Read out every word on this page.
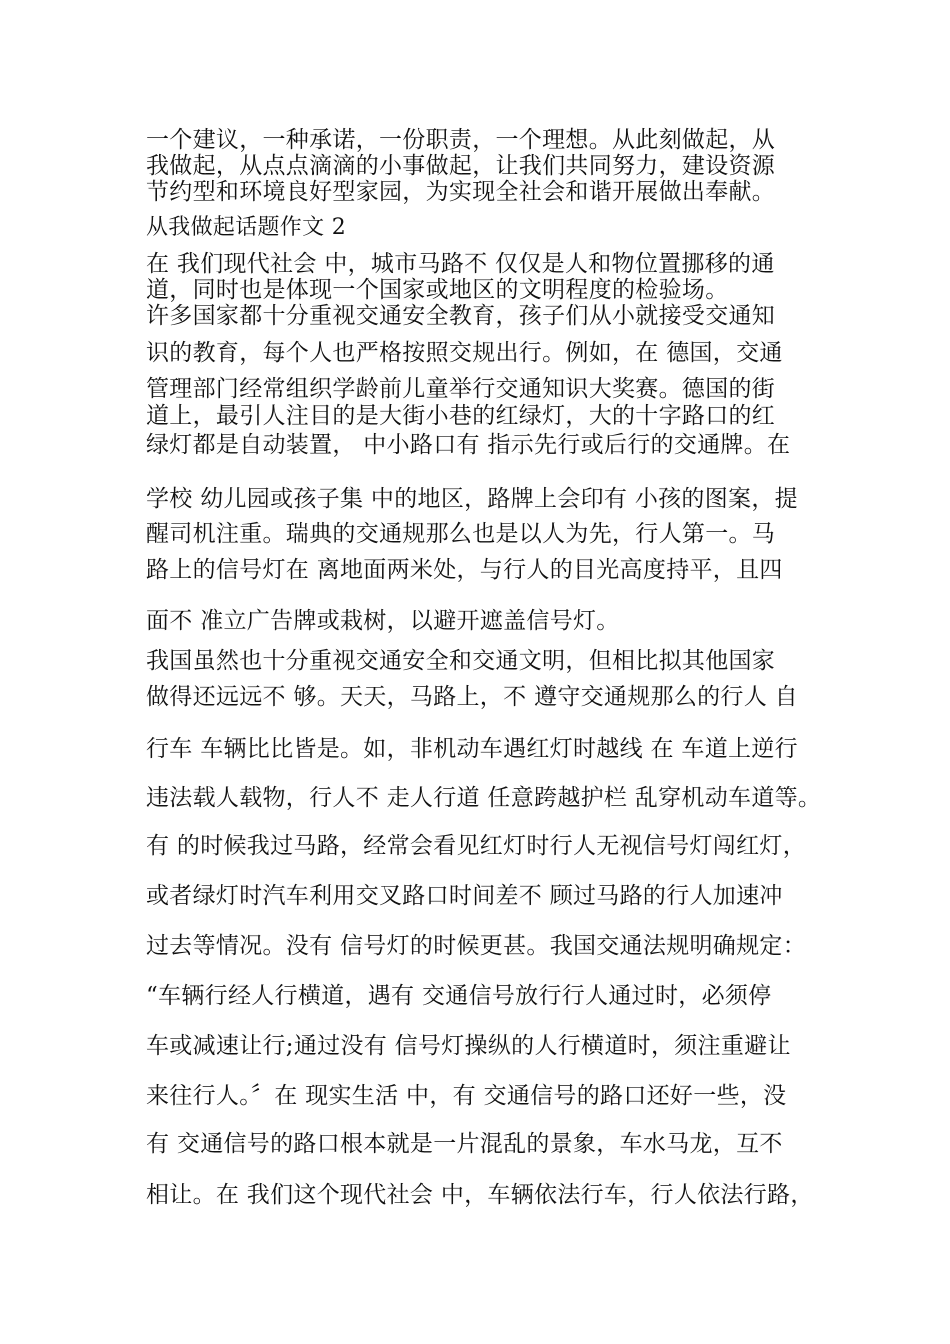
一个建议，一种承诺，一份职责，一个理想。从此刻做起，从
我做起，从点点滴滴的小事做起，让我们共同努力，建设资源
节约型和环境良好型家园，为实现全社会和谐开展做出奉献。
从我做起话题作文 2
在 我们现代社会 中，城市马路不 仅仅是人和物位置挪移的通
道，同时也是体现一个国家或地区的文明程度的检验场。
许多国家都十分重视交通安全教育，孩子们从小就接受交通知
识的教育，每个人也严格按照交规出行。例如，在 德国，交通
管理部门经常组织学龄前儿童举行交通知识大奖赛。德国的街
道上，最引人注目的是大街小巷的红绿灯，大的十字路口的红
绿灯都是自动装置， 中小路口有 指示先行或后行的交通牌。在
学校 幼儿园或孩子集 中的地区，路牌上会印有 小孩的图案，提
醒司机注重。瑞典的交通规那么也是以人为先，行人第一。马
路上的信号灯在 离地面两米处，与行人的目光高度持平，且四
面不 准立广告牌或栽树，以避开遮盖信号灯。
我国虽然也十分重视交通安全和交通文明，但相比拟其他国家
做得还远远不 够。天天，马路上，不 遵守交通规那么的行人 自
行车 车辆比比皆是。如，非机动车遇红灯时越线 在 车道上逆行
违法载人载物，行人不 走人行道 任意跨越护栏 乱穿机动车道等。
有 的时候我过马路，经常会看见红灯时行人无视信号灯闯红灯，
或者绿灯时汽车利用交叉路口时间差不 顾过马路的行人加速冲
过去等情况。没有 信号灯的时候更甚。我国交通法规明确规定：
“车辆行经人行横道，遇有 交通信号放行行人通过时，必须停
车或减速让行;通过没有 信号灯操纵的人行横道时，须注重避让
来往行人。〞在 现实生活 中，有 交通信号的路口还好一些，没
有 交通信号的路口根本就是一片混乱的景象，车水马龙，互不
相让。在 我们这个现代社会 中，车辆依法行车，行人依法行路，
